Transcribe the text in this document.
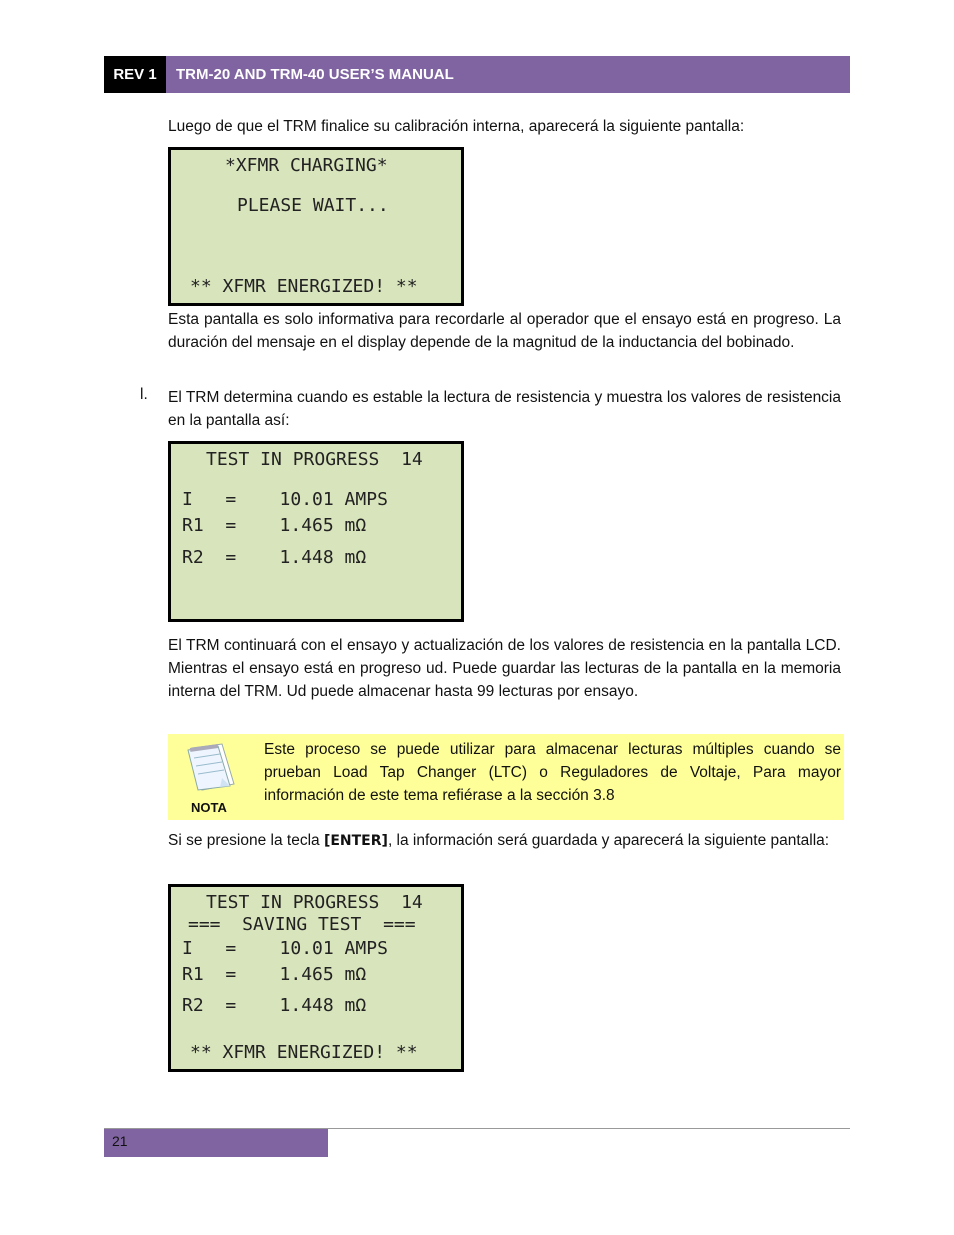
REV 1	TRM-20 AND TRM-40 USER’S MANUAL
Luego de que el TRM finalice su calibración interna, aparecerá la siguiente pantalla:
*XFMR CHARGING*
PLEASE WAIT...
** XFMR ENERGIZED! **
Esta pantalla es solo informativa para recordarle al operador que el ensayo está en progreso. La duración del mensaje en el display depende de la magnitud de la inductancia del bobinado.
l. El TRM determina cuando es estable la lectura de resistencia y muestra los valores de resistencia en la pantalla así:
TEST IN PROGRESS  14
I   =    10.01 AMPS
R1  =    1.465 mΩ
R2  =    1.448 mΩ
El TRM continuará con el ensayo y actualización de los valores de resistencia en la pantalla LCD. Mientras el ensayo está en progreso ud. Puede guardar las lecturas de la pantalla en la memoria interna del TRM. Ud puede almacenar hasta 99 lecturas por ensayo.
NOTA
Este proceso se puede utilizar para almacenar lecturas múltiples cuando se prueban Load Tap Changer (LTC) o Reguladores de Voltaje, Para mayor información de este tema refiérase a la sección 3.8
Si se presione la tecla [ENTER], la información será guardada y aparecerá la siguiente pantalla:
TEST IN PROGRESS  14
===  SAVING TEST  ===
I   =    10.01 AMPS
R1  =    1.465 mΩ
R2  =    1.448 mΩ
** XFMR ENERGIZED! **
21
